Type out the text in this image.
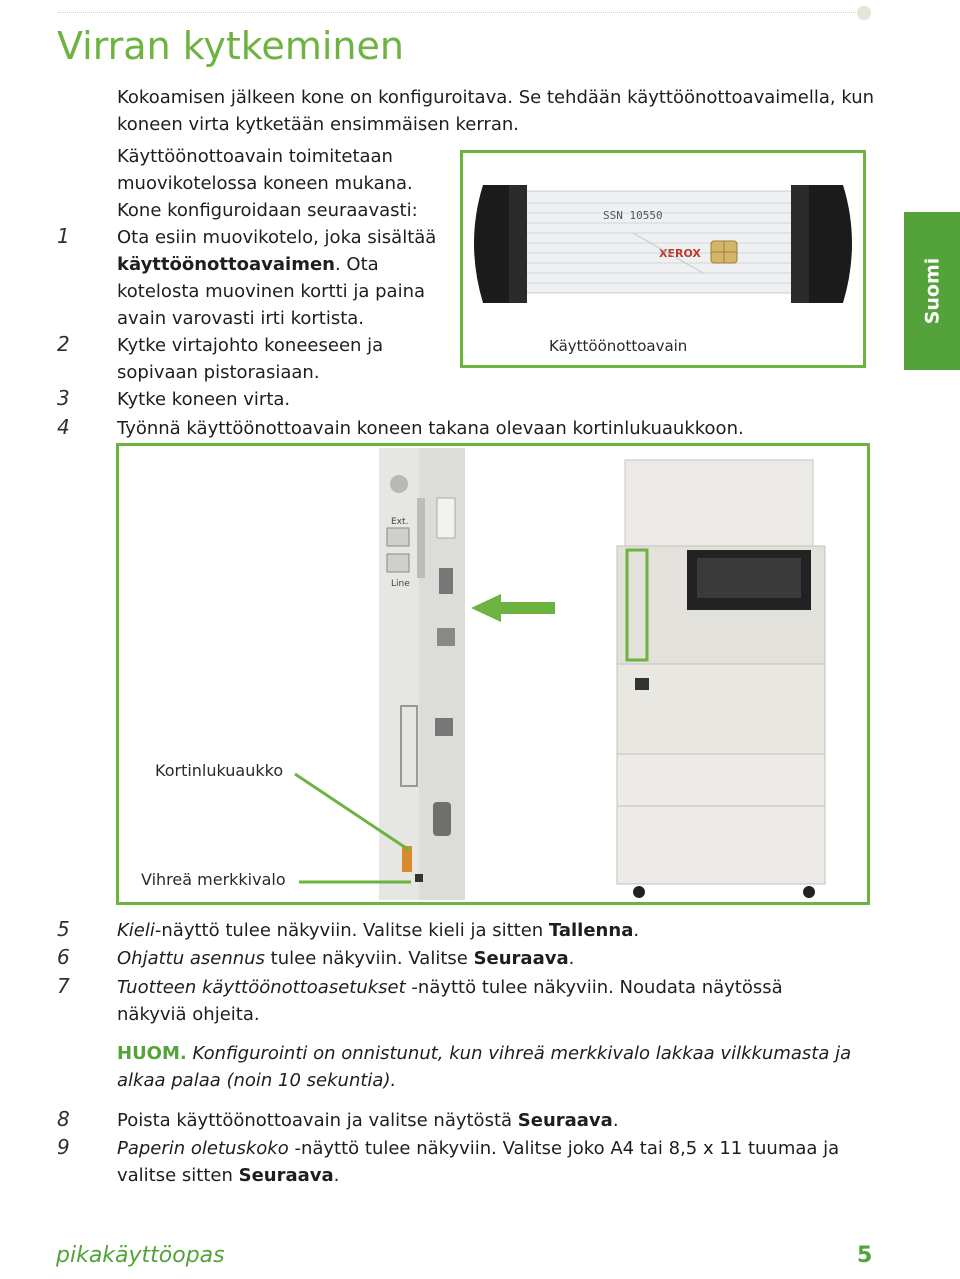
Virran kytkeminen
Suomi
Kokoamisen jälkeen kone on konfiguroitava. Se tehdään käyttöönottoavaimella, kun
koneen virta kytketään ensimmäisen kerran.
Käyttöönottoavain toimitetaan
muovikotelossa koneen mukana.
Kone konfiguroidaan seuraavasti:
1	Ota esiin muovikotelo, joka sisältää
käyttöönottoavaimen. Ota
kotelosta muovinen kortti ja paina
avain varovasti irti kortista.
2	Kytke virtajohto koneeseen ja
sopivaan pistorasiaan.
3	Kytke koneen virta.
4	Työnnä käyttöönottoavain koneen takana olevaan kortinlukuaukkoon.
SSN 10550
XEROX
Käyttöönottoavain
Ext.
Line
Kortinlukuaukko
Vihreä merkkivalo
5	Kieli-näyttö tulee näkyviin. Valitse kieli ja sitten Tallenna.
6	Ohjattu asennus tulee näkyviin. Valitse Seuraava.
7	Tuotteen käyttöönottoasetukset -näyttö tulee näkyviin. Noudata näytössä
näkyviä ohjeita.
HUOM. Konfigurointi on onnistunut, kun vihreä merkkivalo lakkaa vilkkumasta ja
alkaa palaa (noin 10 sekuntia).
8	Poista käyttöönottoavain ja valitse näytöstä Seuraava.
9	Paperin oletuskoko -näyttö tulee näkyviin. Valitse joko A4 tai 8,5 x 11 tuumaa ja
valitse sitten Seuraava.
pikakäyttöopas	5
